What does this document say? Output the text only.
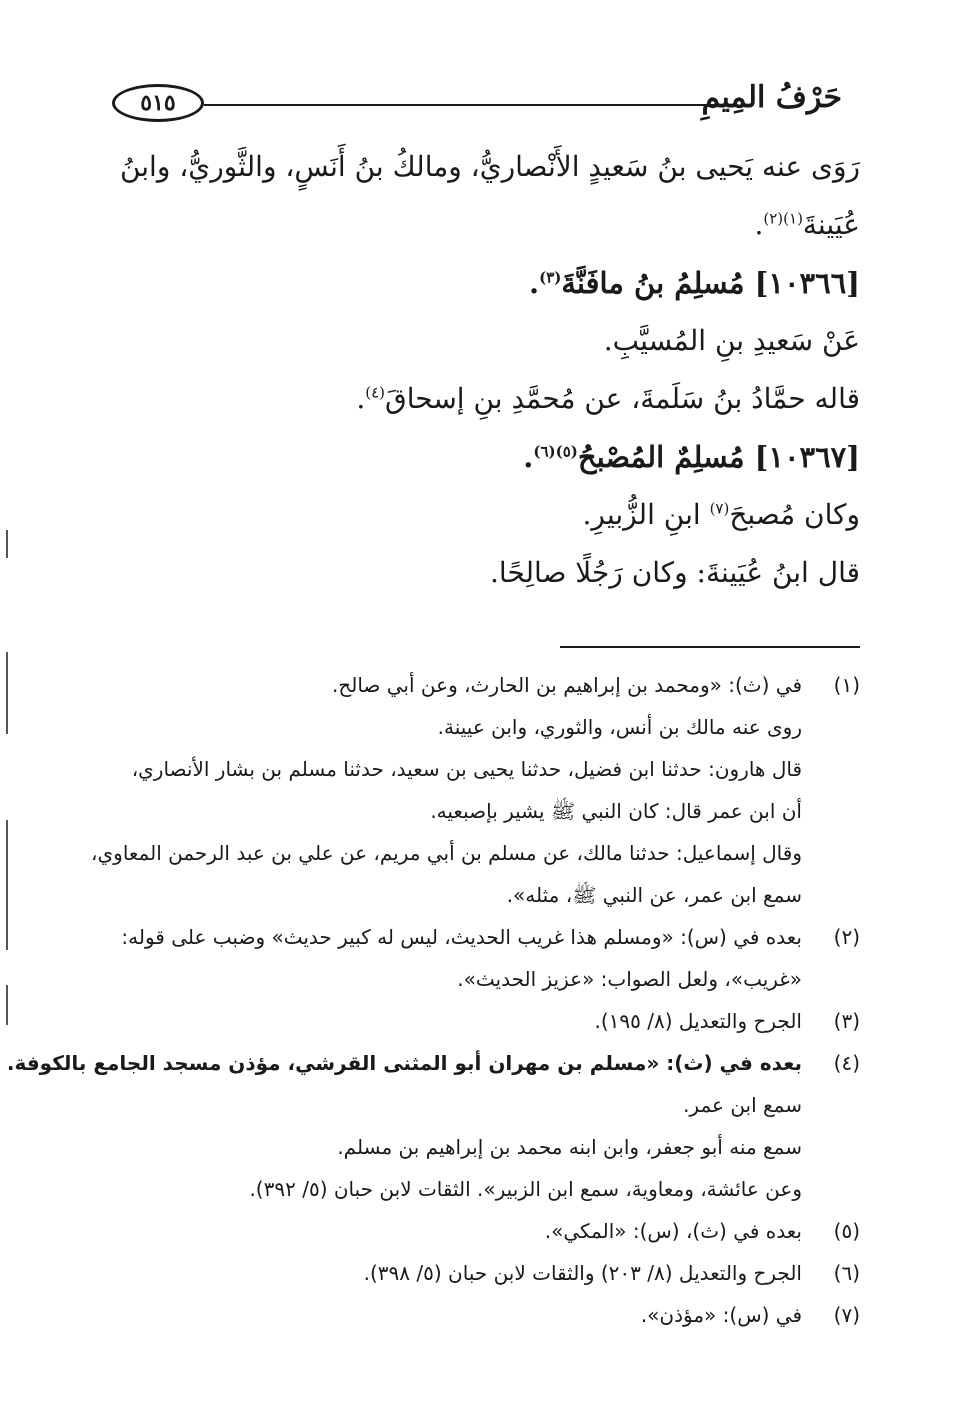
٥١٥	حَرْفُ المِيمِ

رَوَى عنه يَحيى بنُ سَعيدٍ الأَنْصاريُّ، ومالكُ بنُ أَنَسٍ، والثَّوريُّ، وابنُ

عُيَينةَ$^{(١)(٢)}$.

[١٠٣٦٦] مُسلِمُ بنُ مافَنَّةَ$^{(٣)}$.

عَنْ سَعيدِ بنِ المُسيَّبِ.

قاله حمَّادُ بنُ سَلَمةَ، عن مُحمَّدِ بنِ إسحاقَ$^{(٤)}$.

[١٠٣٦٧] مُسلِمٌ المُصْبحُ$^{(٥)(٦)}$.

وكان مُصبحَ$^{(٧)}$ ابنِ الزُّبيرِ.

قال ابنُ عُيَينةَ: وكان رَجُلًا صالِحًا.

(١)
في (ث): «ومحمد بن إبراهيم بن الحارث، وعن أبي صالح.
روى عنه مالك بن أنس، والثوري، وابن عيينة.
قال هارون: حدثنا ابن فضيل، حدثنا يحيى بن سعيد، حدثنا مسلم بن بشار الأنصاري،
أن ابن عمر قال: كان النبي ﷺ يشير بإصبعيه.
وقال إسماعيل: حدثنا مالك، عن مسلم بن أبي مريم، عن علي بن عبد الرحمن المعاوي،
سمع ابن عمر، عن النبي ﷺ، مثله».
(٢)
بعده في (س): «ومسلم هذا غريب الحديث، ليس له كبير حديث» وضبب على قوله:
«غريب»، ولعل الصواب: «عزيز الحديث».
(٣)
الجرح والتعديل (٨/ ١٩٥).
(٤)
بعده في (ث): «مسلم بن مهران أبو المثنى القرشي، مؤذن مسجد الجامع بالكوفة.
سمع ابن عمر.
سمع منه أبو جعفر، وابن ابنه محمد بن إبراهيم بن مسلم.
وعن عائشة، ومعاوية، سمع ابن الزبير». الثقات لابن حبان (٥/ ٣٩٢).
(٥)
بعده في (ث)، (س): «المكي».
(٦)
الجرح والتعديل (٨/ ٢٠٣) والثقات لابن حبان (٥/ ٣٩٨).
(٧)
في (س): «مؤذن».
